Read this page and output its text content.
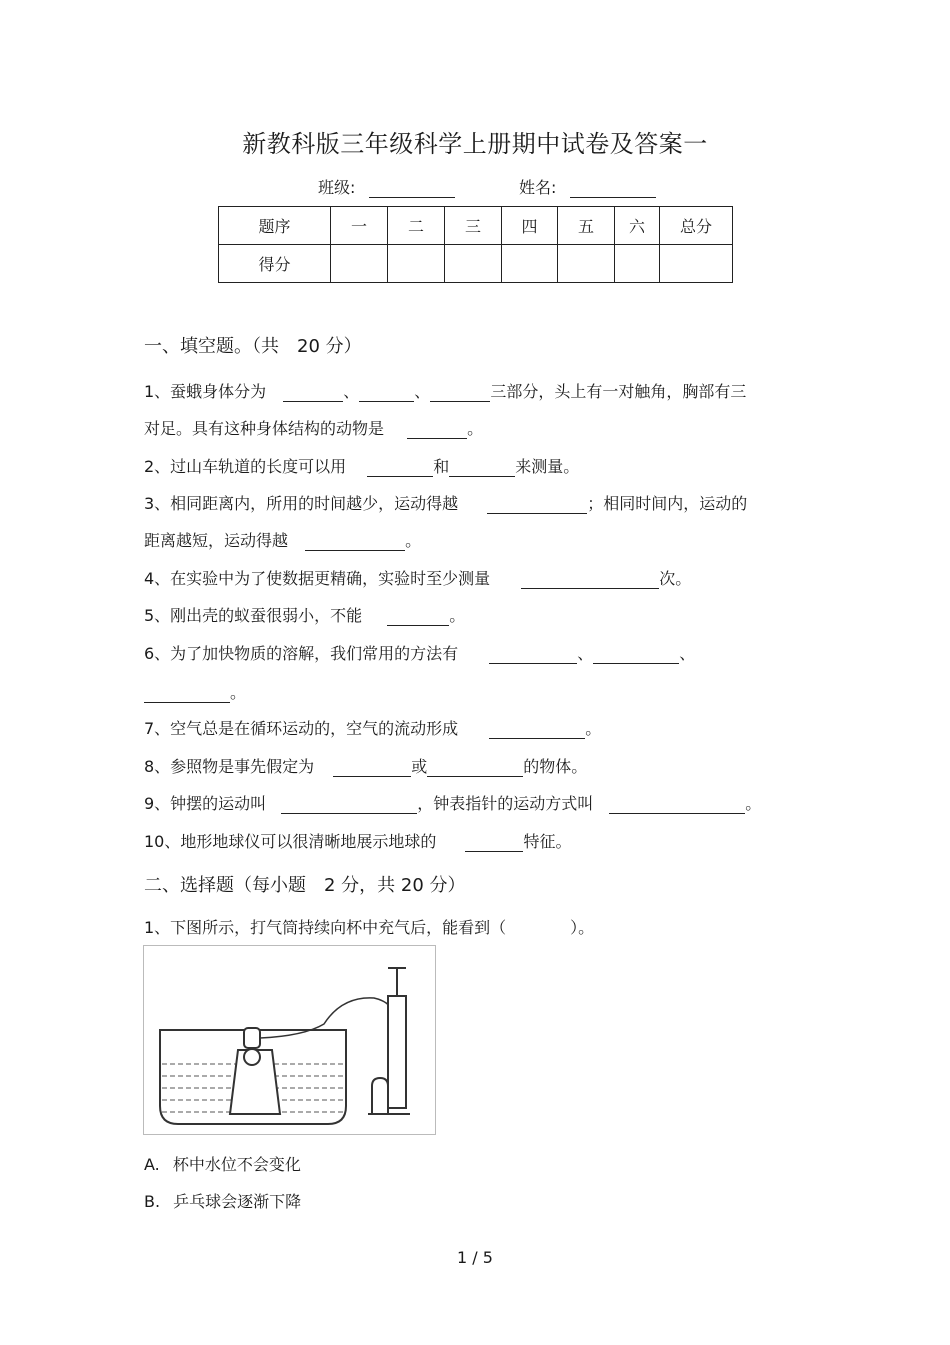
新教科版三年级科学上册期中试卷及答案一
班级:	姓名:
题序	一	二	三	四	五	六	总分
得分							
一、填空题。（共　20 分）
1、蚕蛾身体分为	、	、	三部分，头上有一对触角，胸部有三
对足。具有这种身体结构的动物是	。
2、过山车轨道的长度可以用	和	来测量。
3、相同距离内，所用的时间越少，运动得越	；相同时间内，运动的
距离越短，运动得越	。
4、在实验中为了使数据更精确，实验时至少测量	次。
5、刚出壳的蚁蚕很弱小，不能	。
6、为了加快物质的溶解，我们常用的方法有	、	、
。
7、空气总是在循环运动的，空气的流动形成	。
8、参照物是事先假定为	或	的物体。
9、钟摆的运动叫	，钟表指针的运动方式叫	。
10、地形地球仪可以很清晰地展示地球的	特征。
二、选择题（每小题　2 分，共 20 分）
1、下图所示，打气筒持续向杯中充气后，能看到（　　　　）。
A. 杯中水位不会变化
B. 乒乓球会逐渐下降
1 / 5
